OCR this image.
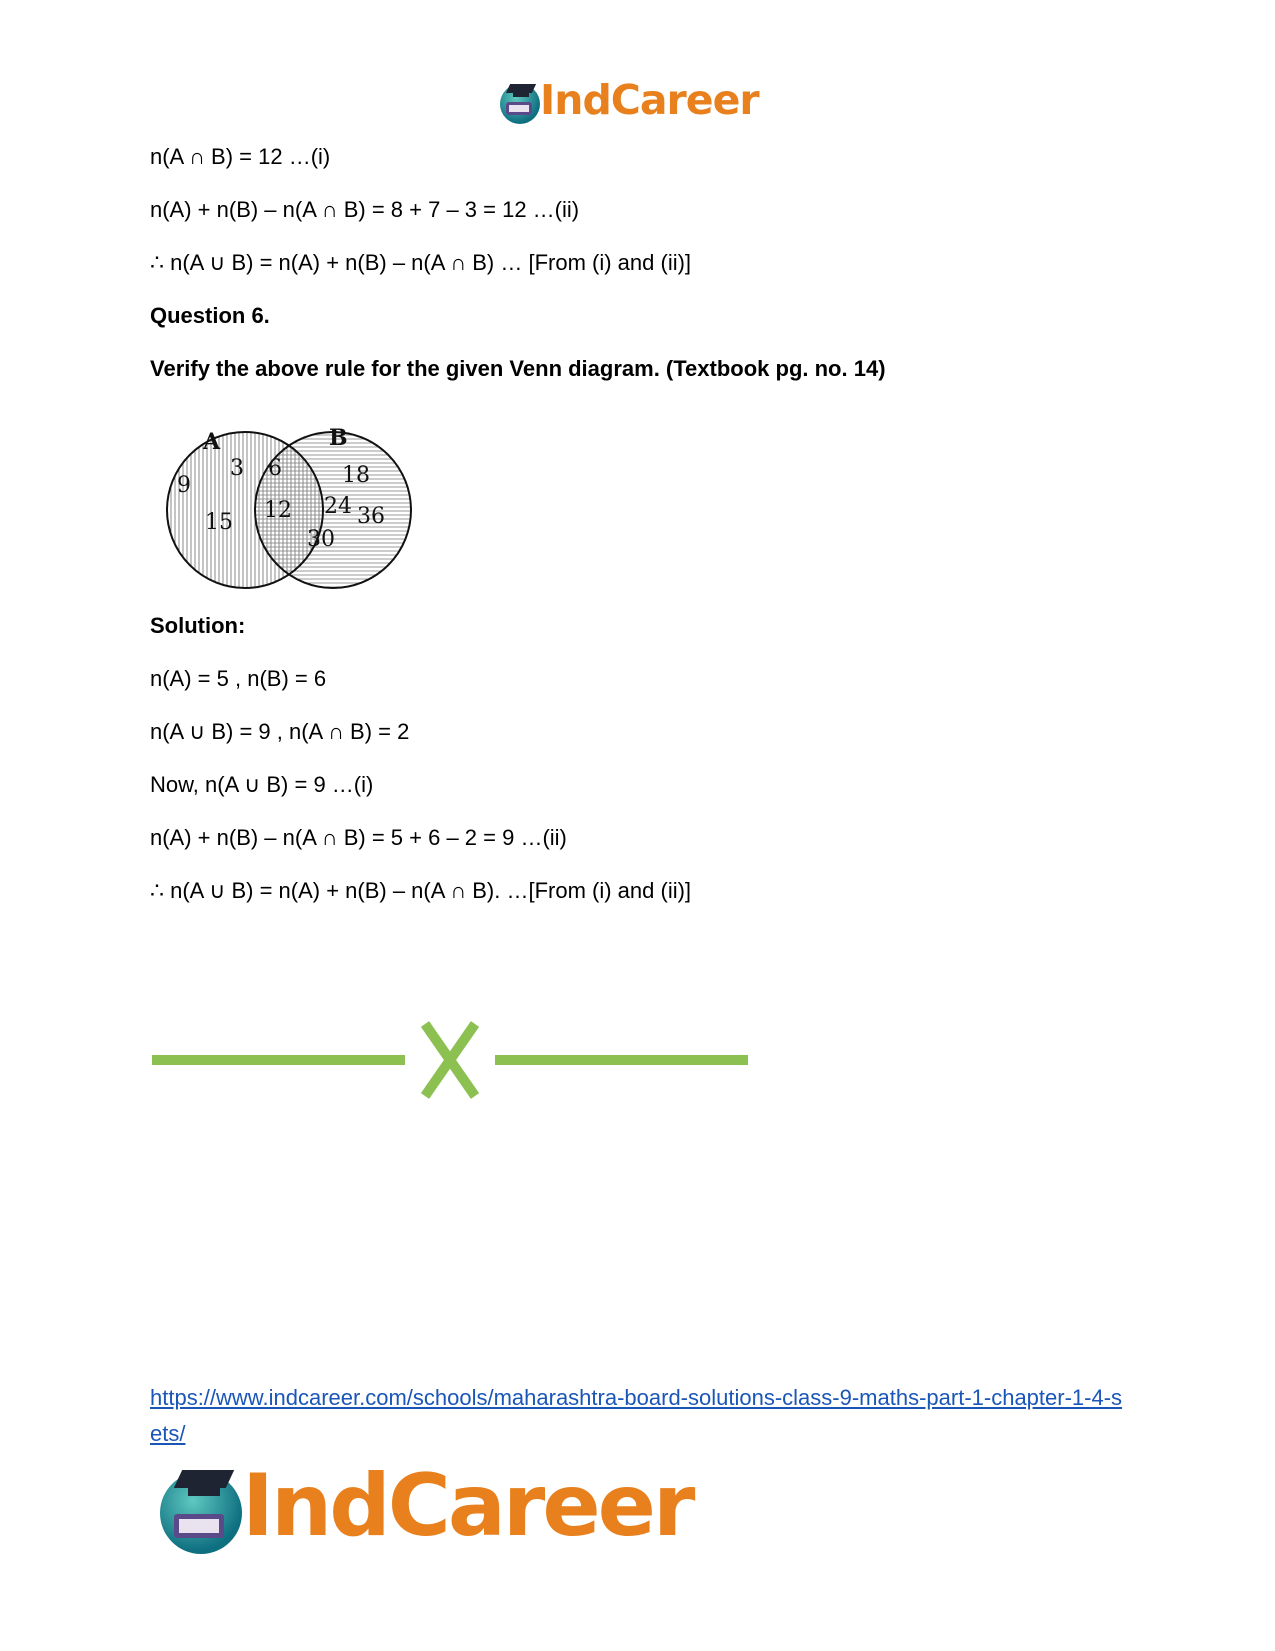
IndCareer
n(A ∩ B) = 12 …(i)
n(A) + n(B) – n(A ∩ B) = 8 + 7 – 3 = 12 …(ii)
∴ n(A ∪ B) = n(A) + n(B) – n(A ∩ B) … [From (i) and (ii)]
Question 6.
Verify the above rule for the given Venn diagram. (Textbook pg. no. 14)
A	B
9
3
15
6
12
18
24 36
30
Solution:
n(A) = 5 , n(B) = 6
n(A ∪ B) = 9 , n(A ∩ B) = 2
Now, n(A ∪ B) = 9 …(i)
n(A) + n(B) – n(A ∩ B) = 5 + 6 – 2 = 9 …(ii)
∴ n(A ∪ B) = n(A) + n(B) – n(A ∩ B). …[From (i) and (ii)]
https://www.indcareer.com/schools/maharashtra-board-solutions-class-9-maths-part-1-chapter-1-4-sets/
IndCareer
